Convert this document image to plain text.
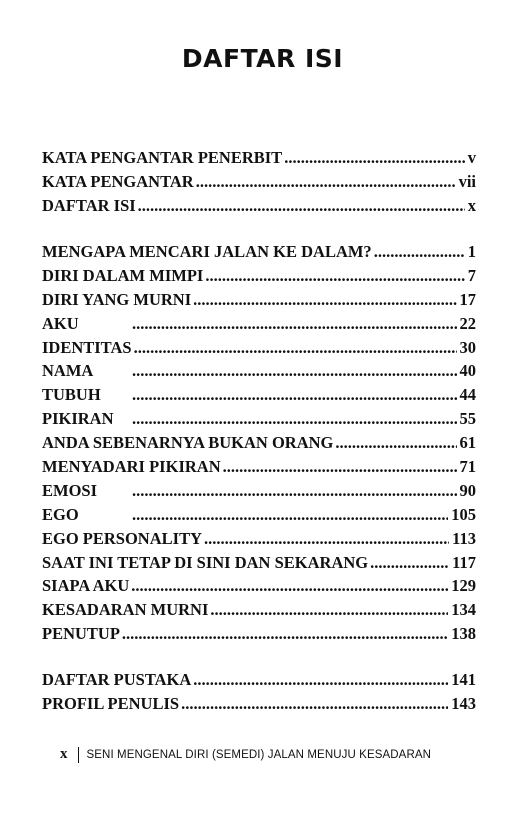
DAFTAR ISI
KATA PENGANTAR PENERBIT .....	v
KATA PENGANTAR .....	vii
DAFTAR ISI .....	x
MENGAPA MENCARI JALAN KE DALAM? .....	1
DIRI DALAM MIMPI .....	7
DIRI YANG MURNI .....	17
AKU .....	22
IDENTITAS .....	30
NAMA .....	40
TUBUH .....	44
PIKIRAN .....	55
ANDA SEBENARNYA BUKAN ORANG .....	61
MENYADARI PIKIRAN .....	71
EMOSI .....	90
EGO .....	105
EGO PERSONALITY .....	113
SAAT INI TETAP DI SINI DAN SEKARANG .....	117
SIAPA AKU .....	129
KESADARAN MURNI .....	134
PENUTUP .....	138
DAFTAR PUSTAKA .....	141
PROFIL PENULIS .....	143
x SENI MENGENAL DIRI (SEMEDI) JALAN MENUJU KESADARAN
